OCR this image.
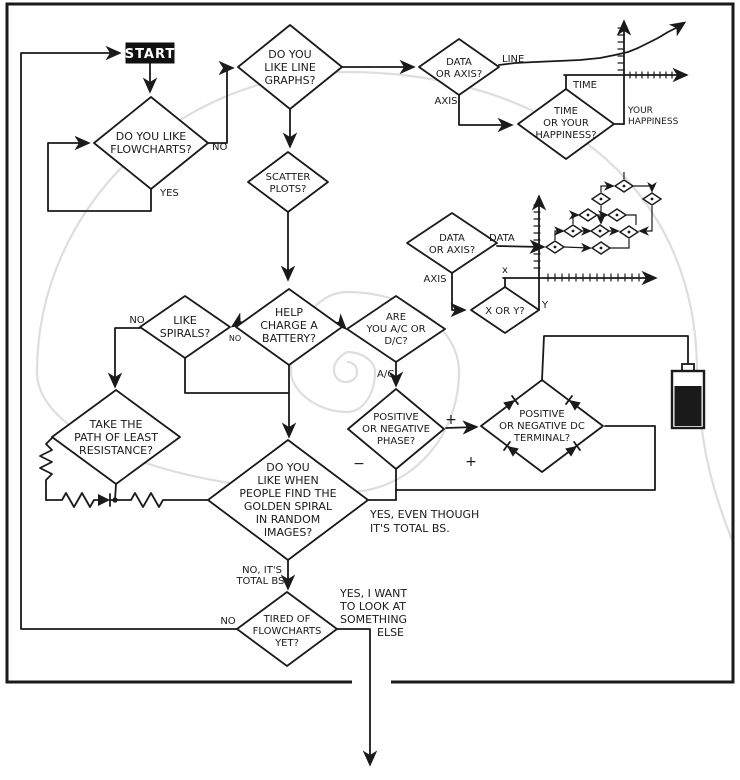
START
DO YOU LIKE
FLOWCHARTS?
DO YOU
LIKE LINE
GRAPHS?
DATA
OR AXIS?
TIME
OR YOUR
HAPPINESS?
SCATTER
PLOTS?
DATA
OR AXIS?
X OR Y?
HELP
CHARGE A
BATTERY?
LIKE
SPIRALS?
ARE
YOU A/C OR
D/C?
POSITIVE
OR NEGATIVE
PHASE?
POSITIVE
OR NEGATIVE DC
TERMINAL?
TAKE THE
PATH OF LEAST
RESISTANCE?
DO YOU
LIKE WHEN
PEOPLE FIND THE
GOLDEN SPIRAL
IN RANDOM
IMAGES?
TIRED OF
FLOWCHARTS
YET?
NO
YES
LINE
AXIS
TIME
YOUR
HAPPINESS
DATA
AXIS
x
Y
NO
NO
A/C
+
−	+
YES, EVEN THOUGH
IT'S TOTAL BS.
NO, IT'S
TOTAL BS.
NO
YES, I WANT
TO LOOK AT
SOMETHING
ELSE
